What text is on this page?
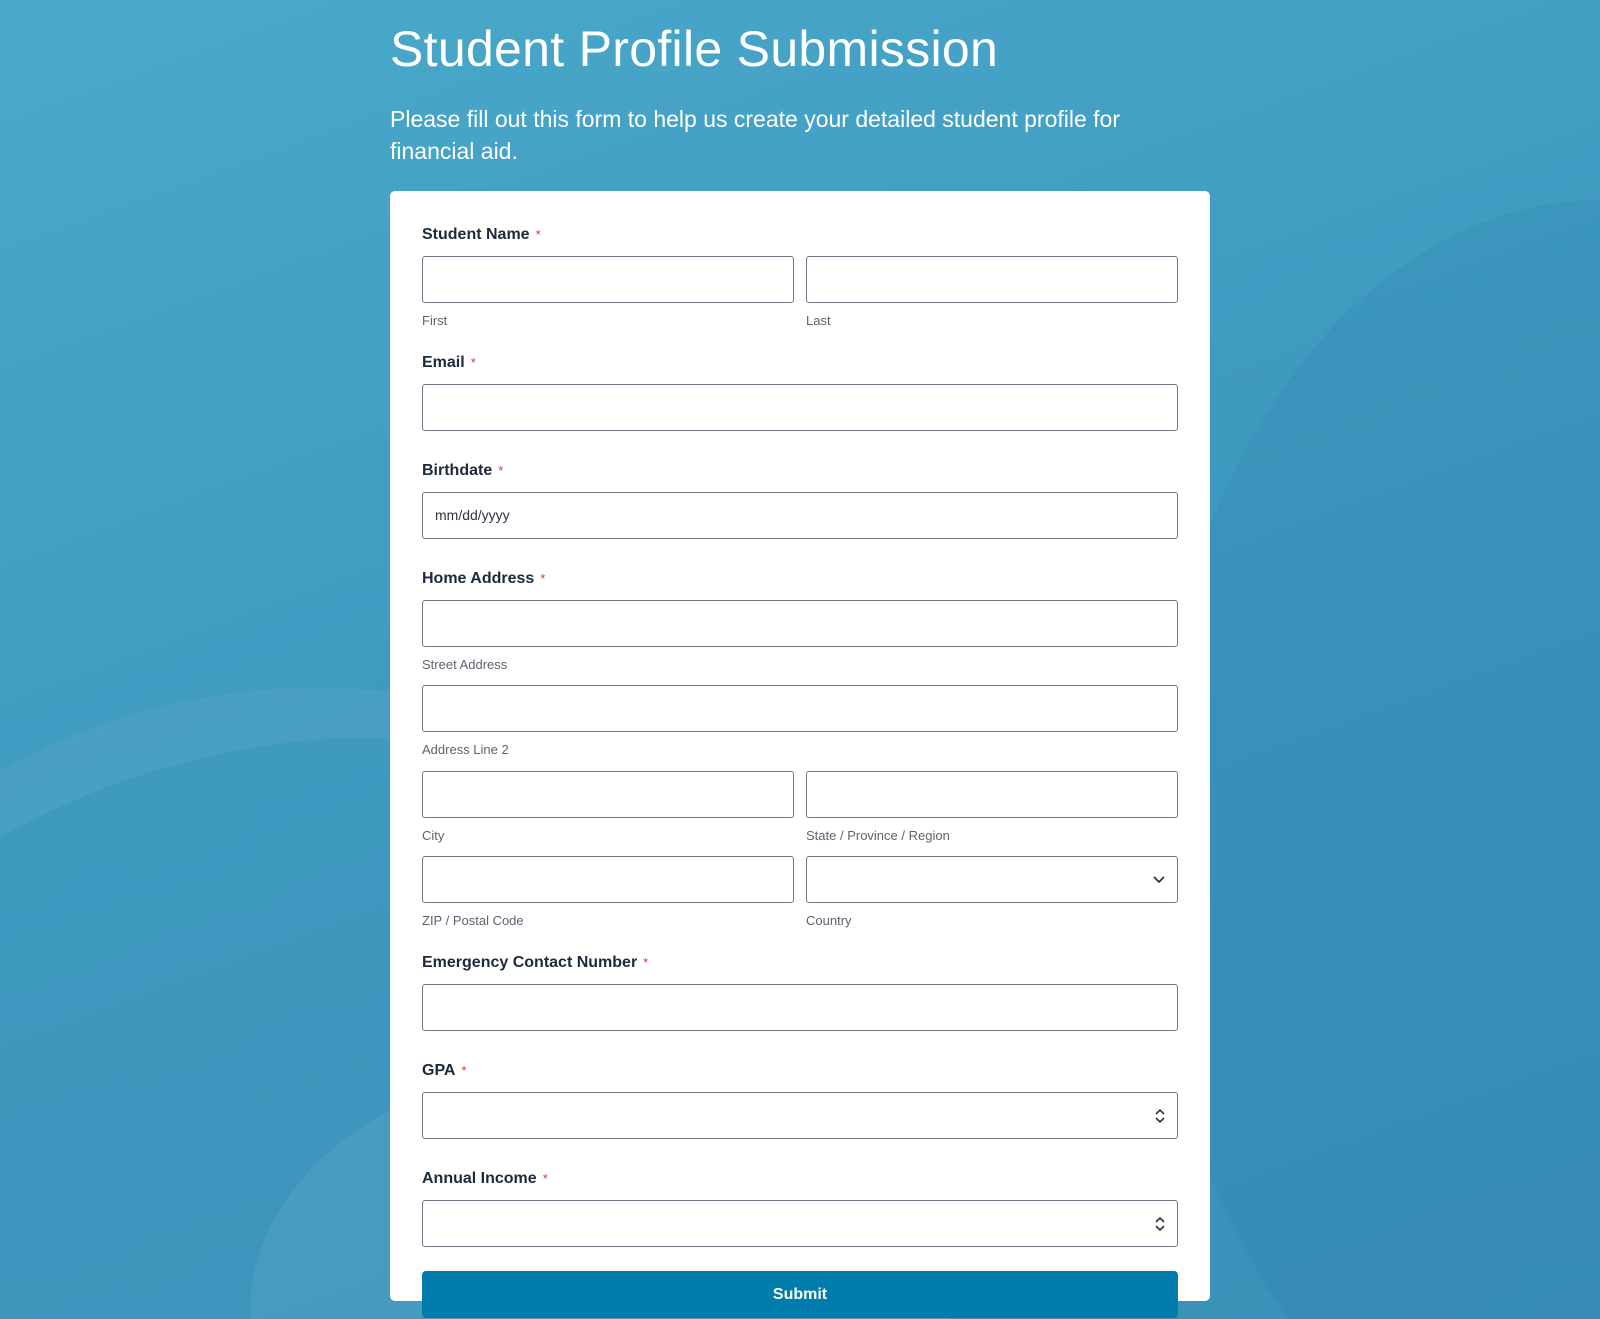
Student Profile Submission

Please fill out this form to help us create your detailed student profile for financial aid.

Student Name *
First	Last
Email *
Birthdate *
mm/dd/yyyy
Home Address *
Street Address
Address Line 2
City	State / Province / Region
ZIP / Postal Code	Country
Emergency Contact Number *
GPA *
Annual Income *
Submit
